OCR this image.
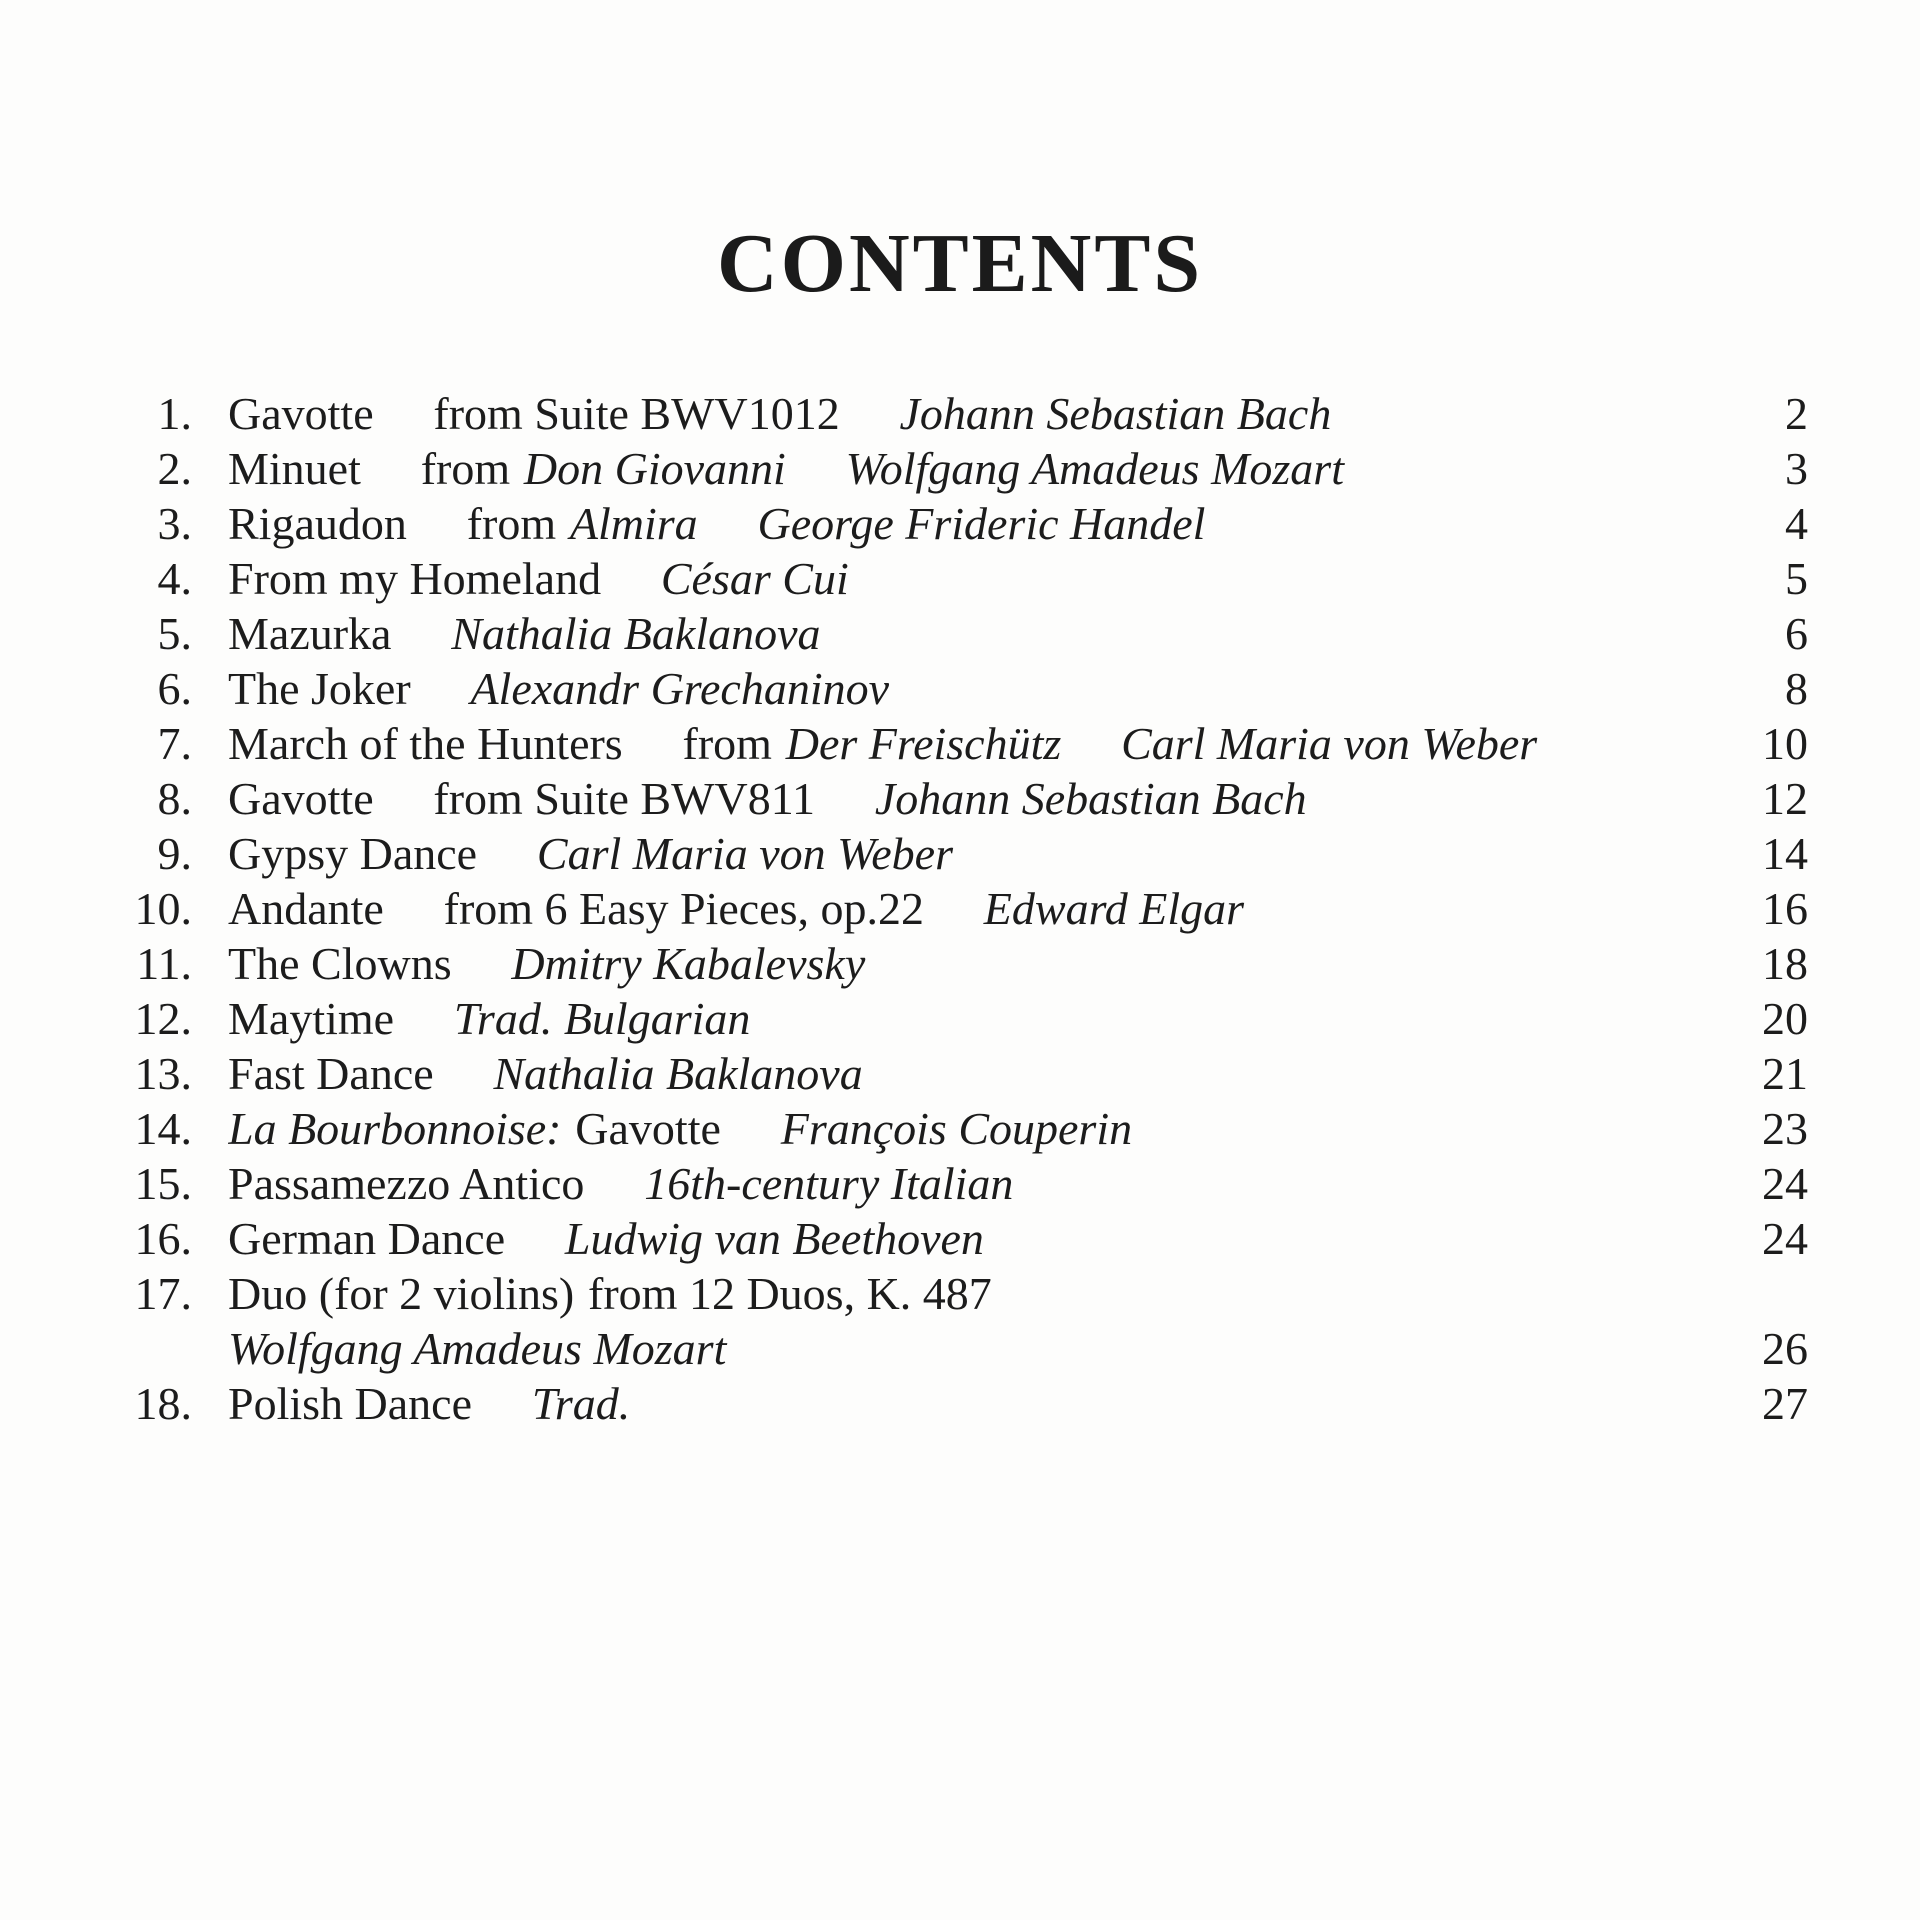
CONTENTS
1. Gavotte from Suite BWV1012 Johann Sebastian Bach	2
2. Minuet from Don Giovanni Wolfgang Amadeus Mozart	3
3. Rigaudon from Almira George Frideric Handel	4
4. From my Homeland César Cui	5
5. Mazurka Nathalia Baklanova	6
6. The Joker Alexandr Grechaninov	8
7. March of the Hunters from Der Freischütz Carl Maria von Weber	10
8. Gavotte from Suite BWV811 Johann Sebastian Bach	12
9. Gypsy Dance Carl Maria von Weber	14
10. Andante from 6 Easy Pieces, op.22 Edward Elgar	16
11. The Clowns Dmitry Kabalevsky	18
12. Maytime Trad. Bulgarian	20
13. Fast Dance Nathalia Baklanova	21
14. La Bourbonnoise: Gavotte François Couperin	23
15. Passamezzo Antico 16th-century Italian	24
16. German Dance Ludwig van Beethoven	24
17. Duo (for 2 violins) from 12 Duos, K. 487
Wolfgang Amadeus Mozart	26
18. Polish Dance Trad.	27
